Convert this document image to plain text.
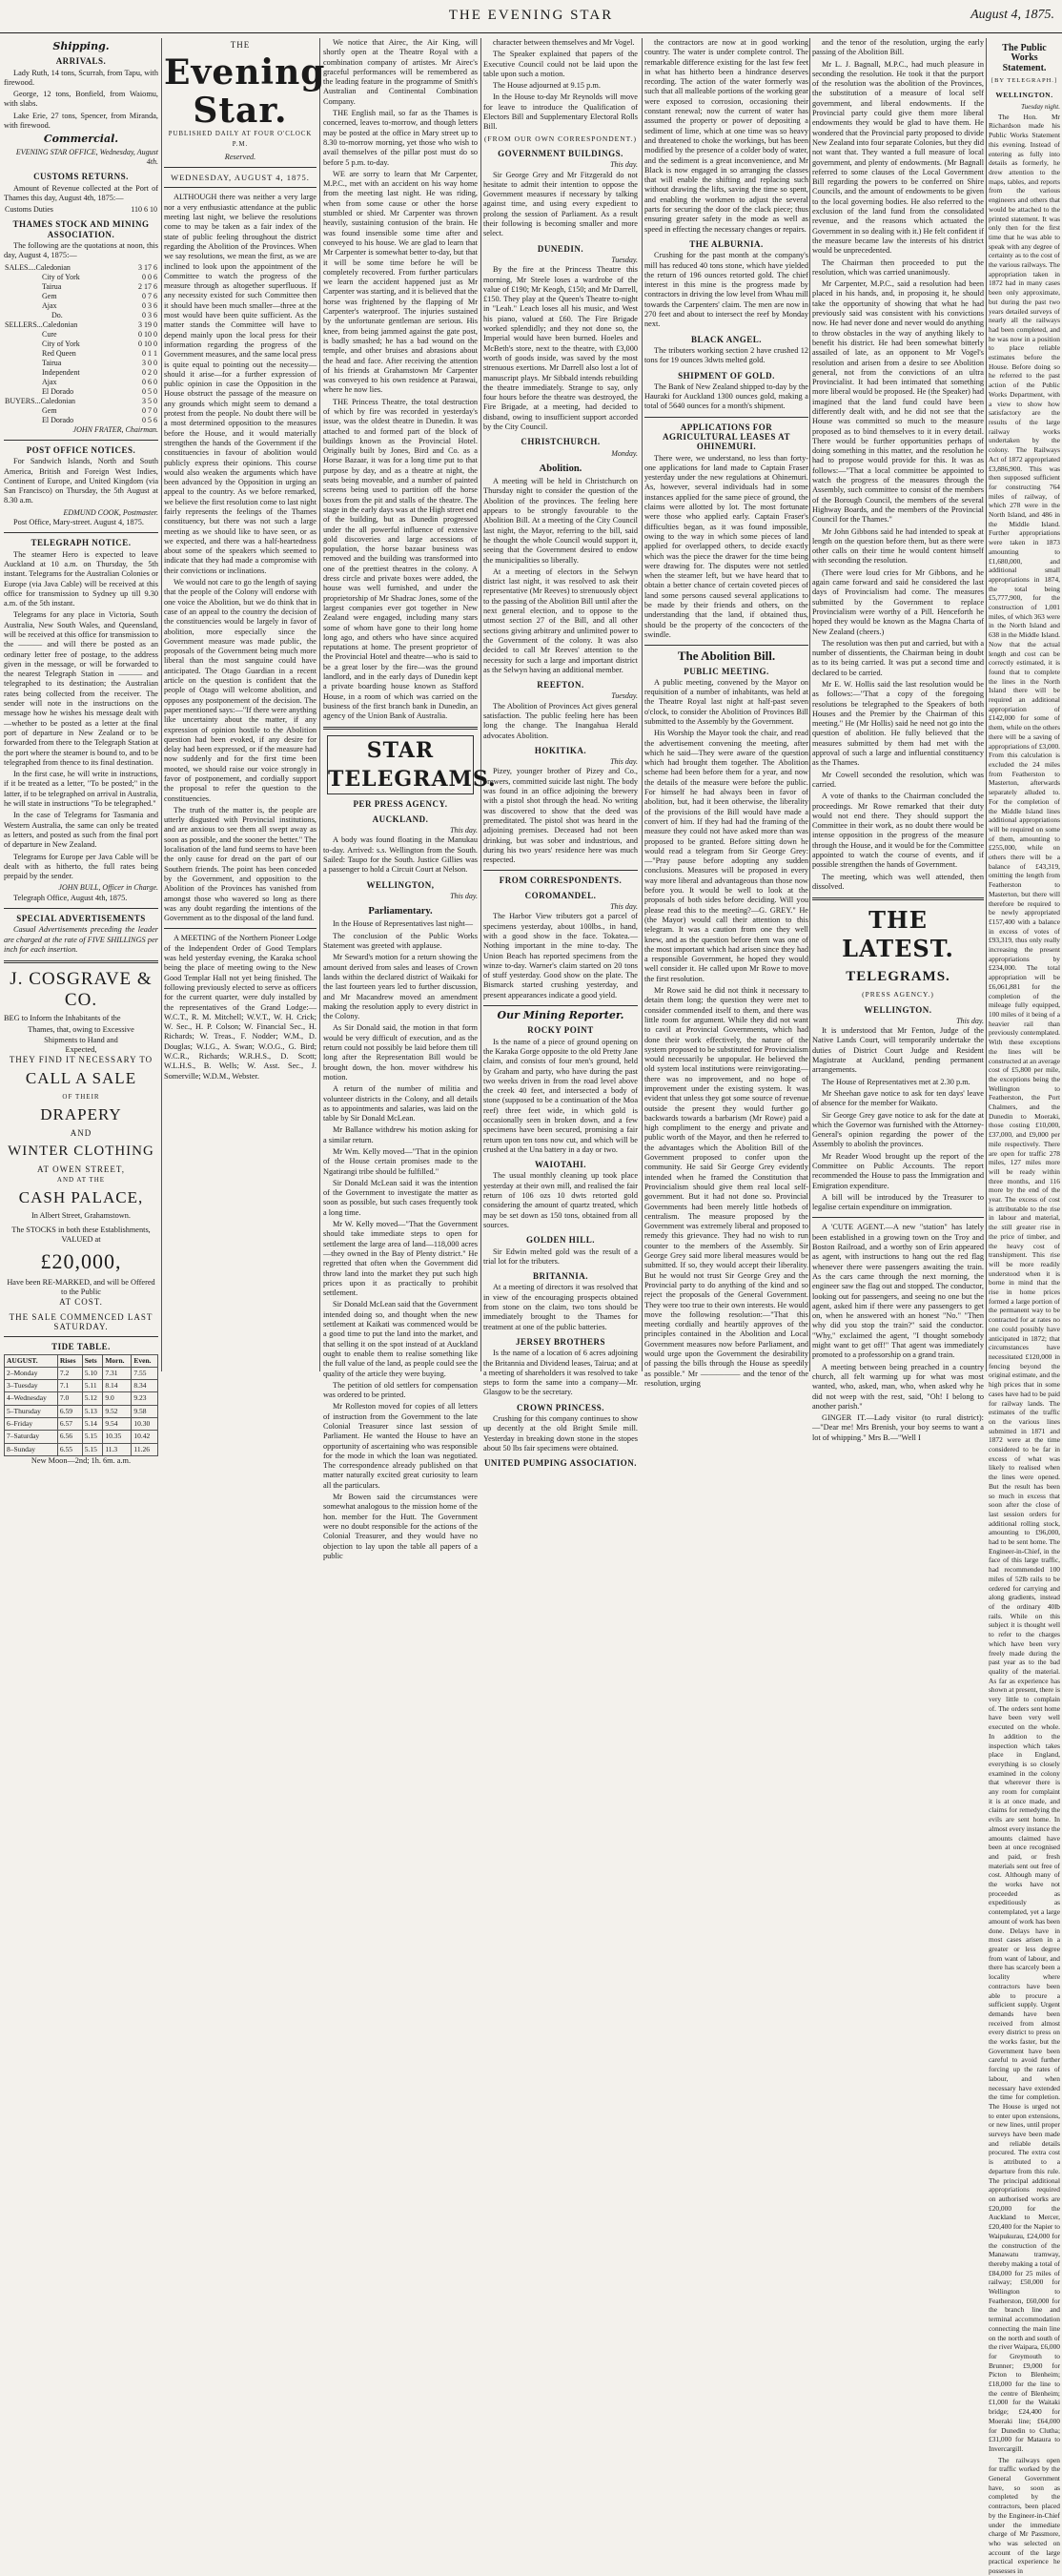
THE EVENING STAR	August 4, 1875.
Shipping.
ARRIVALS.

Lady Ruth, 14 tons, Scurrah, from Tapu, with firewood.

George, 12 tons, Bonfield, from Waiomu, with slabs.

Lake Erie, 27 tons, Spencer, from Miranda, with firewood.

Commercial.
EVENING STAR OFFICE, Wednesday, August 4th.
CUSTOMS RETURNS.

Amount of Revenue collected at the Port of Thames this day, August 4th, 1875:—

Customs Duties	110 6 10
THAMES STOCK AND MINING ASSOCIATION.

The following are the quotations at noon, this day, August 4, 1875:—

SALES....Caledonian	3 17 6
City of York	0 0 6
Tairua	2 17 6
Gem	0 7 6
Ajax	0 3 6
Do.	0 3 6
SELLERS...Caledonian	3 19 0
Cure	0 10 0
City of York	0 10 0
Red Queen	0 1 1
Tairua	3 0 0
Independent	0 2 0
Ajax	0 6 0
El Dorado	0 5 0
BUYERS...Caledonian	3 5 0
Gem	0 7 0
El Dorado	0 5 6
JOHN FRATER, Chairman.
POST OFFICE NOTICES.

For Sandwich Islands, North and South America, British and Foreign West Indies, Continent of Europe, and United Kingdom (via San Francisco) on Thursday, the 5th August at 8.30 a.m.

EDMUND COOK, Postmaster.

Post Office, Mary-street. August 4, 1875.

TELEGRAPH NOTICE.

The steamer Hero is expected to leave Auckland at 10 a.m. on Thursday, the 5th instant. Telegrams for the Australian Colonies or Europe (via Java Cable) will be received at this office for transmission to Sydney up till 9.30 a.m. of the 5th instant.

Telegrams for any place in Victoria, South Australia, New South Wales, and Queensland, will be received at this office for transmission to the ——— and will there be posted as an ordinary letter free of postage, to the address given in the message, or will be forwarded to the nearest Telegraph Station in ——— and telegraphed to its destination; the Australian rates being collected from the receiver. The sender will note in the instructions on the message how he wishes his message dealt with—whether to be posted as a letter at the final port of departure in New Zealand or to be forwarded from there to the Telegraph Station at the port where the steamer is bound to, and to be telegraphed from thence to its final destination.

In the first case, he will write in instructions, if it be treated as a letter, "To be posted;" in the latter, if to be telegraphed on arrival in Australia, he will state in instructions "To be telegraphed."

In the case of Telegrams for Tasmania and Western Australia, the same can only be treated as letters, and posted as such from the final port of departure in New Zealand.

Telegrams for Europe per Java Cable will be dealt with as hitherto, the full rates being prepaid by the sender.

JOHN BULL, Officer in Charge.

Telegraph Office, August 4th, 1875.

SPECIAL ADVERTISEMENTS

Casual Advertisements preceding the leader are charged at the rate of FIVE SHILLINGS per inch for each insertion.

J. COSGRAVE & CO.

BEG to Inform the Inhabitants of the

Thames, that, owing to Excessive
Shipments to Hand and
Expected,
THEY FIND IT NECESSARY TO
CALL A SALE
OF THEIR
DRAPERY
AND
WINTER CLOTHING
AT OWEN STREET,
AND AT THE
CASH PALACE,
In Albert Street, Grahamstown.
The STOCKS in both these Establishments, VALUED at
£20,000,
Have been RE-MARKED, and will be Offered to the Public
AT COST.
THE SALE COMMENCED LAST SATURDAY.
TIDE TABLE.
AUGUST.	Rises	Sets	Morn.	Even.
2–Monday	7.2	5.10	7.31	7.55
3–Tuesday	7.1	5.11	8.14	8.34
4–Wednesday	7.0	5.12	9.0	9.23
5–Thursday	6.59	5.13	9.52	9.58
6–Friday	6.57	5.14	9.54	10.30
7–Saturday	6.56	5.15	10.35	10.42
8–Sunday	6.55	5.15	11.3	11.26
New Moon—2nd; 1h. 6m. a.m.
THE
Evening Star.
PUBLISHED DAILY AT FOUR O'CLOCK P.M.
Reserved.
WEDNESDAY, AUGUST 4, 1875.

ALTHOUGH there was neither a very large nor a very enthusiastic attendance at the public meeting last night, we believe the resolutions come to may be taken as a fair index of the state of public feeling throughout the district regarding the Abolition of the Provinces. When we say resolutions, we mean the first, as we are inclined to look upon the appointment of the Committee to watch the progress of the measure through as altogether superfluous. If any necessity existed for such Committee then it should have been much smaller—three at the most would have been quite sufficient. As the matter stands the Committee will have to depend mainly upon the local press for their information regarding the progress of the Government measures, and the same local press is quite equal to pointing out the necessity—should it arise—for a further expression of public opinion in case the Opposition in the House obstruct the passage of the measure on any grounds which might seem to demand a protest from the people. No doubt there will be a most determined opposition to the measures before the House, and it would materially strengthen the hands of the Government if the constituencies in favour of abolition would publicly express their opinions. This course would also weaken the arguments which have been advanced by the Opposition in urging an appeal to the country. As we before remarked, we believe the first resolution come to last night fairly represents the feelings of the Thames constituency, but there was not such a large meeting as we should like to have seen, or as we expected, and there was a half-heartedness about some of the speakers which seemed to indicate that they had made a compromise with their convictions or inclinations.

We would not care to go the length of saying that the people of the Colony will endorse with one voice the Abolition, but we do think that in case of an appeal to the country the decision of the constituencies would be largely in favor of abolition, more especially since the Government measure was made public, the proposals of the Government being much more liberal than the most sanguine could have anticipated. The Otago Guardian in a recent article on the question is confident that the people of Otago will welcome abolition, and opposes any postponement of the decision. The paper mentioned says:—"If there were anything like uncertainty about the matter, if any expression of opinion hostile to the Abolition question had been evoked, if any desire for delay had been expressed, or if the measure had now suddenly and for the first time been mooted, we should raise our voice strongly in favor of postponement, and cordially support the proposal to refer the question to the constituencies.

The truth of the matter is, the people are utterly disgusted with Provincial institutions, and are anxious to see them all swept away as soon as possible, and the sooner the better." The localisation of the land fund seems to have been the only cause for dread on the part of our Southern friends. The point has been conceded by the Government, and opposition to the Abolition of the Provinces has vanished from amongst those who wavered so long as there was any doubt regarding the intentions of the Government as to the disposal of the land fund.

A MEETING of the Northern Pioneer Lodge of the Independent Order of Good Templars was held yesterday evening, the Karaka school being the place of meeting owing to the New Good Templar Hall not yet being finished. The following previously elected to serve as officers for the current quarter, were duly installed by the representatives of the Grand Lodge:—W.C.T., R. M. Mitchell; W.V.T., W. H. Crick; W. Sec., H. P. Colson; W. Financial Sec., H. Richards; W. Treas., F. Nodder; W.M., D. Douglas; W.I.G., A. Swan; W.O.G., G. Bird; W.C.R., Richards; W.R.H.S., D. Scott; W.L.H.S., B. Wells; W. Asst. Sec., J. Somerville; W.D.M., Webster.

We notice that Airec, the Air King, will shortly open at the Theatre Royal with a combination company of artistes. Mr Airec's graceful performances will be remembered as the leading feature in the programme of Smith's Australian and Continental Combination Company.

THE English mail, so far as the Thames is concerned, leaves to-morrow, and though letters may be posted at the office in Mary street up to 8.30 to-morrow morning, yet those who wish to avail themselves of the pillar post must do so before 5 p.m. to-day.

WE are sorry to learn that Mr Carpenter, M.P.C., met with an accident on his way home from the meeting last night. He was riding, when from some cause or other the horse stumbled or shied. Mr Carpenter was thrown heavily, sustaining contusion of the brain. He was found insensible some time after and conveyed to his house. We are glad to learn that Mr Carpenter is somewhat better to-day, but that it will be some time before he will be completely recovered. From further particulars we learn the accident happened just as Mr Carpenter was starting, and it is believed that the horse was frightened by the flapping of Mr Carpenter's waterproof. The injuries sustained by the unfortunate gentleman are serious. His knee, from being jammed against the gate post, is badly smashed; he has a bad wound on the temple, and other bruises and abrasions about the head and face. After receiving the attention of his friends at Grahamstown Mr Carpenter was conveyed to his own residence at Parawai, where he now lies.

THE Princess Theatre, the total destruction of which by fire was recorded in yesterday's issue, was the oldest theatre in Dunedin. It was attached to and formed part of the block of buildings known as the Provincial Hotel. Originally built by Jones, Bird and Co. as a Horse Bazaar, it was for a long time put to that purpose by day, and as a theatre at night, the seats being moveable, and a number of painted screens being used to partition off the horse boxes from the pit and stalls of the theatre. The stage in the early days was at the High street end of the building, but as Dunedin progressed under the all powerful influence of extensive gold discoveries and large accessions of population, the horse bazaar business was removed and the building was transformed into one of the prettiest theatres in the colony. A dress circle and private boxes were added, the house was well furnished, and under the proprietorship of Mr Shadrac Jones, some of the largest companies ever got together in New Zealand were engaged, including many stars some of whom have gone to their long home long ago, and others who have since acquired reputations at home. The present proprietor of the Provincial Hotel and theatre—who is said to be a great loser by the fire—was the ground landlord, and in the early days of Dunedin kept a private boarding house known as Stafford House, in a room of which was carried on the business of the first branch bank in Dunedin, an agency of the Union Bank of Australia.

STAR TELEGRAMS.
PER PRESS AGENCY.
AUCKLAND.
This day.

A body was found floating in the Manukau to-day. Arrived: s.s. Wellington from the South. Sailed: Taupo for the South. Justice Gillies was a passenger to hold a Circuit Court at Nelson.

WELLINGTON,
This day.
Parliamentary.

In the House of Representatives last night—

The conclusion of the Public Works Statement was greeted with applause.

Mr Seward's motion for a return showing the amount derived from sales and leases of Crown lands within the declared district of Waikaki for the last fourteen years led to further discussion, and Mr Macandrew moved an amendment making the resolution apply to every district in the Colony.

As Sir Donald said, the motion in that form would be very difficult of execution, and as the return could not possibly be laid before them till long after the Representation Bill would be brought down, the hon. mover withdrew his motion.

A return of the number of militia and volunteer districts in the Colony, and all details as to appointments and salaries, was laid on the table by Sir Donald McLean.

Mr Ballance withdrew his motion asking for a similar return.

Mr Wm. Kelly moved—"That in the opinion of the House certain promises made to the Ngatirangi tribe should be fulfilled."

Sir Donald McLean said it was the intention of the Government to investigate the matter as soon as possible, but such cases frequently took a long time.

Mr W. Kelly moved—"That the Government should take immediate steps to open for settlement the large area of land—118,000 acres—they owned in the Bay of Plenty district." He regretted that often when the Government did throw land into the market they put such high prices upon it as practically to prohibit settlement.

Sir Donald McLean said that the Government intended doing so, and thought when the new settlement at Kaikati was commenced would be a good time to put the land into the market, and that selling it on the spot instead of at Auckland ought to enable them to realise something like the full value of the land, as people could see the quality of the article they were buying.

The petition of old settlers for compensation was ordered to be printed.

Mr Rolleston moved for copies of all letters of instruction from the Government to the late Colonial Treasurer since last session of Parliament. He wanted the House to have an opportunity of ascertaining who was responsible for the mode in which the loan was negotiated. The correspondence already published on that matter naturally excited great curiosity to learn all the particulars.

Mr Bowen said the circumstances were somewhat analogous to the mission home of the hon. member for the Hutt. The Government were no doubt responsible for the actions of the Colonial Treasurer, and they would have no objection to lay upon the table all papers of a public

character between themselves and Mr Vogel.

The Speaker explained that papers of the Executive Council could not be laid upon the table upon such a motion.

The House adjourned at 9.15 p.m.

In the House to-day Mr Reynolds will move for leave to introduce the Qualification of Electors Bill and Supplementary Electoral Rolls Bill.

(FROM OUR OWN CORRESPONDENT.)
GOVERNMENT BUILDINGS.
This day.

Sir George Grey and Mr Fitzgerald do not hesitate to admit their intention to oppose the Government measures if necessary by talking against time, and using every expedient to prolong the session of Parliament. As a result their following is becoming smaller and more select.

DUNEDIN.
Tuesday.

By the fire at the Princess Theatre this morning, Mr Steele loses a wardrobe of the value of £190; Mr Keogh, £150; and Mr Darrell, £150. They play at the Queen's Theatre to-night in "Leah." Leach loses all his music, and West his piano, valued at £60. The Fire Brigade worked splendidly; and they not done so, the Imperial would have been burned. Hoeles and McBeth's store, next to the theatre, with £3,000 worth of goods inside, was saved by the most strenuous exertions. Mr Darrell also lost a lot of manuscript plays. Mr Sibbald intends rebuilding the theatre immediately. Strange to say, only four hours before the theatre was destroyed, the Fire Brigade, at a meeting, had decided to disband, owing to insufficient support accorded by the City Council.

CHRISTCHURCH.
Monday.
Abolition.

A meeting will be held in Christchurch on Thursday night to consider the question of the Abolition of the provinces. The feeling here appears to be strongly favourable to the Abolition Bill. At a meeting of the City Council last night, the Mayor, referring to the bill, said he thought the whole Council would support it, seeing that the Government desired to endow the municipalities so liberally.

At a meeting of electors in the Selwyn district last night, it was resolved to ask their representative (Mr Reeves) to strenuously object to the passing of the Abolition Bill until after the next general election, and to oppose to the utmost section 27 of the Bill, and all other sections giving arbitrary and unlimited power to the Government of the colony. It was also decided to call Mr Reeves' attention to the necessity for such a large and important district as the Selwyn having an additional member.

REEFTON.
Tuesday.

The Abolition of Provinces Act gives general satisfaction. The public feeling here has been long the change. The Inangahua Herald advocates Abolition.

HOKITIKA.
This day.

Pizey, younger brother of Pizey and Co., brewers, committed suicide last night. The body was found in an office adjoining the brewery with a pistol shot through the head. No writing was discovered to show that the deed was premeditated. The pistol shot was heard in the adjoining premises. Deceased had not been drinking, but was sober and industrious, and during his two years' residence here was much respected.

FROM CORRESPONDENTS.
COROMANDEL.
This day.

The Harbor View tributers got a parcel of specimens yesterday, about 100lbs., in hand, with a good show in the face. Tokatea.—Nothing important in the mine to-day. The Union Beach has reported specimens from the winze to-day. Warner's claim started on 20 tons of stuff yesterday. Good show on the plate. The Bismarck started crushing yesterday, and present appearances indicate a good yield.

Our Mining Reporter.
ROCKY POINT

Is the name of a piece of ground opening on the Karaka Gorge opposite to the old Pretty Jane claim, and consists of four men's ground, held by Graham and party, who have during the past two weeks driven in from the road level above the creek 40 feet, and intersected a body of stone (supposed to be a continuation of the Moa reef) three feet wide, in which gold is occasionally seen in broken down, and a few specimens have been secured, promising a fair return upon ten tons now cut, and which will be crushed at the Una battery in a day or two.

WAIOTAHI.

The usual monthly cleaning up took place yesterday at their own mill, and realised the fair return of 106 ozs 10 dwts retorted gold considering the amount of quartz treated, which may be set down as 150 tons, obtained from all sources.

GOLDEN HILL.

Sir Edwin melted gold was the result of a trial lot for the tributers.

BRITANNIA.

At a meeting of directors it was resolved that in view of the encouraging prospects obtained from stone on the claim, two tons should be immediately brought to the Thames for treatment at one of the public batteries.

JERSEY BROTHERS

Is the name of a location of 6 acres adjoining the Britannia and Dividend leases, Tairua; and at a meeting of shareholders it was resolved to take steps to form the same into a company—Mr. Glasgow to be the secretary.

CROWN PRINCESS.

Crushing for this company continues to show up decently at the old Bright Smile mill. Yesterday in breaking down stone in the stopes about 50 lbs fair specimens were obtained.

UNITED PUMPING ASSOCIATION.

the contractors are now at in good working country. The water is under complete control. The remarkable difference existing for the last few feet in what has hitherto been a hindrance deserves recording. The action of the water formerly was such that all malleable portions of the working gear were exposed to corrosion, occasioning their constant renewal; now the current of water has assumed the property or power of depositing a sediment of lime, which at one time was so heavy and threatened to choke the workings, but has been modified by the presence of a colder body of water, and the sediment is a great inconvenience, and Mr Black is now engaged in so arranging the classes that will enable the shifting and replacing such without drawing the lifts, saving the time so spent, and enabling the workmen to adjust the several parts for securing the door of the clack piece; thus ensuring greater safety in the mode as well as speed in effecting the necessary changes or repairs.

THE ALBURNIA.

Crushing for the past month at the company's mill has reduced 40 tons stone, which have yielded the return of 196 ounces retorted gold. The chief interest in this mine is the progress made by contractors in driving the low level from Whau mill towards the Carpenters' claim. The men are now in 270 feet and about to intersect the reef by Monday next.

BLACK ANGEL.

The tributers working section 2 have crushed 12 tons for 19 ounces 3dwts melted gold.

SHIPMENT OF GOLD.

The Bank of New Zealand shipped to-day by the Hauraki for Auckland 1300 ounces gold, making a total of 5640 ounces for a month's shipment.

APPLICATIONS FOR AGRICULTURAL LEASES AT OHINEMURI.

There were, we understand, no less than forty-one applications for land made to Captain Fraser yesterday under the new regulations at Ohinemuri. As, however, several individuals had in some instances applied for the same piece of ground, the claims were allotted by lot. The most fortunate were those who applied early. Captain Fraser's difficulties began, as it was found impossible, owing to the way in which some pieces of land applied for overlapped others, to decide exactly which was the piece the drawer for the time being were drawing for. The disputes were not settled when the steamer left, but we have heard that to obtain a better chance of certain coveted pieces of land some persons caused several applications to be made by their friends and others, on the understanding that the land, if obtained thus, should be the property of the concocters of the swindle.

The Abolition Bill.
PUBLIC MEETING.

A public meeting, convened by the Mayor on requisition of a number of inhabitants, was held at the Theatre Royal last night at half-past seven o'clock, to consider the Abolition of Provinces Bill submitted to the Assembly by the Government.

His Worship the Mayor took the chair, and read the advertisement convening the meeting, after which he said—They were aware of the question which had brought them together. The Abolition scheme had been before them for a year, and now the details of the measure were before the public. For himself he had always been in favor of abolition, but, had it been otherwise, the liberality of the provisions of the Bill would have made a convert of him. If they had had the framing of the measure they could not have asked more than was proposed to be granted. Before sitting down he would read a telegram from Sir George Grey:—"Pray pause before adopting any sudden conclusions. Measures will be proposed in every way more liberal and advantageous than those now before you. It would be well to look at the proposals of both sides before deciding. Will you please read this to the meeting?—G. GREY." He (the Mayor) would call their attention to this telegram. It was a caution from one they well knew, and as the question before them was one of the most important which had arisen since they had a responsible Government, he hoped they would well consider it. He called upon Mr Rowe to move the first resolution.

Mr Rowe said he did not think it necessary to detain them long; the question they were met to consider commended itself to them, and there was little room for argument. While they did not want to cavil at Provincial Governments, which had done their work effectively, the nature of the system proposed to be substituted for Provincialism would necessarily be unpopular. He believed the old system local institutions were reinvigorating—there was no improvement, and no hope of improvement under the existing system. It was evident that unless they got some source of revenue outside the present they would further go backwards towards a barbarism (Mr Rowe) paid a high compliment to the energy and private and public worth of the Mayor, and then he referred to the advantages which the Abolition Bill of the Government proposed to confer upon the community. He said Sir George Grey evidently intended when he framed the Constitution that Provincialism should give them real local self-government. But it had not done so. Provincial Governments had been merely little hotbeds of centralism. The measure proposed by the Government was extremely liberal and proposed to remedy this grievance. They had no wish to run counter to the members of the Assembly. Sir George Grey said more liberal measures would be submitted. If so, they would accept their liberality. But he would not trust Sir George Grey and the Provincial party to do anything of the kind and so reject the proposals of the General Government. They were too true to their own interests. He would move the following resolution:—"That this meeting cordially and heartily approves of the principles contained in the Abolition and Local Government measures now before Parliament, and would urge upon the Government the desirability of passing the bills through the House as speedily as possible." Mr ————— and the tenor of the resolution, urging

and the tenor of the resolution, urging the early passing of the Abolition Bill.

Mr L. J. Bagnall, M.P.C., had much pleasure in seconding the resolution. He took it that the purport of the resolution was the abolition of the Provinces, the substitution of a measure of local self government, and liberal endowments. If the Provincial party could give them more liberal endowments they would be glad to have them. He wondered that the Provincial party proposed to divide New Zealand into four separate Colonies, but they did not want that. They wanted a full measure of local government, and plenty of endowments. (Mr Bagnall referred to some clauses of the Local Government Bill regarding the powers to be conferred on Shire Councils, and the amount of endowments to be given to the local governing bodies. He also referred to the exclusion of the land fund from the consolidated revenue, and the reasons which actuated the Government in so dealing with it.) He felt confident if the measure became law the interests of his district would be unprecedented.

The Chairman then proceeded to put the resolution, which was carried unanimously.

Mr Carpenter, M.P.C., said a resolution had been placed in his hands, and, in proposing it, he should take the opportunity of showing that what he had previously said was consistent with his convictions now. He had never done and never would do anything to throw obstacles in the way of anything likely to benefit his district. He had been somewhat bitterly assailed of late, as an opponent to Mr Vogel's resolution and arisen from a desire to see Abolition general, not from the convictions of an ultra Provincialist. It had been intimated that something more liberal would be proposed. He (the Speaker) had imagined that the land fund could have been differently dealt with, and he did not see that the House was committed so much to the measure proposed as to bind themselves to it in every detail. There would be further opportunities perhaps of doing something in this matter, and the resolution he had to propose would provide for this. It was as follows:—"That a local committee be appointed to watch the progress of the measures through the Assembly, such committee to consist of the members of the Borough Council, the members of the several Highway Boards, and the members of the Provincial Council for the Thames."

Mr John Gibbons said he had intended to speak at length on the question before them, but as there were other calls on their time he would content himself with seconding the resolution.

(There were loud cries for Mr Gibbons, and he again came forward and said he considered the last days of Provincialism had come. The measures submitted by the Government to replace Provincialism were worthy of a Pill. Henceforth he hoped they would be known as the Magna Charta of New Zealand (cheers.)

The resolution was then put and carried, but with a number of dissentients, the Chairman being in doubt as to its being carried. It was put a second time and declared to be carried.

Mr E. W. Hollis said the last resolution would be as follows:—"That a copy of the foregoing resolutions be telegraphed to the Speakers of both Houses and the Premier by the Chairman of this meeting." He (Mr Hollis) said he need not go into the question of abolition. He fully believed that the measures submitted by them had met with the approval of such a large and influential constituency as the Thames.

Mr Cowell seconded the resolution, which was carried.

A vote of thanks to the Chairman concluded the proceedings. Mr Rowe remarked that their duty would not end there. They should support the Committee in their work, as no doubt there would be intense opposition in the progress of the measure through the House, and it would be for the Committee appointed to watch the course of events, and if possible strengthen the hands of Government.

The meeting, which was well attended, then dissolved.

THE LATEST.
TELEGRAMS.
(PRESS AGENCY.)
WELLINGTON.
This day.

It is understood that Mr Fenton, Judge of the Native Lands Court, will temporarily undertake the duties of District Court Judge and Resident Magistrate at Auckland, pending permanent arrangements.

The House of Representatives met at 2.30 p.m.

Mr Sheehan gave notice to ask for ten days' leave of absence for the member for Waikato.

Sir George Grey gave notice to ask for the date at which the Governor was furnished with the Attorney-General's opinion regarding the power of the Assembly to abolish the provinces.

Mr Reader Wood brought up the report of the Committee on Public Accounts. The report recommended the House to pass the Immigration and Emigration expenditure.

A bill will be introduced by the Treasurer to legalise certain expenditure on immigration.

A 'CUTE AGENT.—A new "station" has lately been established in a growing town on the Troy and Boston Railroad, and a worthy son of Erin appeared as agent, with instructions to hang out the red flag whenever there were passengers awaiting the train. As the cars came through the next morning, the engineer saw the flag out and stopped. The conductor, looking out for passengers, and seeing no one but the agent, asked him if there were any passengers to get on, when he answered with an honest "No." "Then why did you stop the train?" said the conductor. "Why," exclaimed the agent, "I thought somebody might want to get off!" That agent was immediately promoted to a professorship on a grand train.

A meeting between being preached in a country church, all felt warming up for what was most wanted, who, asked, man, who, when asked why he did not weep with the rest, said, "Oh! I belong to another parish."

GINGER IT.—Lady visitor (to rural district):—"Dear me! Mrs Brenish, your boy seems to want a lot of whipping." Mrs B.—"Well I

The Public Works Statement.
[BY TELEGRAPH.]
WELLINGTON.
Tuesday night.

The Hon. Mr Richardson made his Public Works Statement this evening. Instead of entering as fully into details as formerly, he drew attention to the maps, tables, and reports from the various engineers and others that would be attached to the printed statement. It was only then for the first time that he was able to speak with any degree of certainty as to the cost of the various railways. The appropriation taken in 1872 had in many cases been only approximate, but during the past two years detailed surveys of nearly all the railways had been completed, and he was now in a position to place reliable estimates before the House. Before doing so he referred to the past action of the Public Works Department, with a view to show how satisfactory are the results of the large railway works undertaken by the colony. The Railways Act of 1872 appropriated £3,886,900. This was then supposed sufficient for constructing 764 miles of railway, of which 278 were in the North Island, and 486 in the Middle Island. Further appropriations were taken in 1873 amounting to £1,680,000, and additional small appropriations in 1874, the total being £5,777,900, for the construction of 1,001 miles, of which 363 were in the North Island and 638 in the Middle Island. Now that the actual length and cost can be correctly estimated, it is found that to complete the lines in the North Island there will be required an additional appropriation of £142,000 for some of them, while on the others there will be a saving of appropriations of £3,000. From this calculation is excluded the 24 miles from Featherston to Masterton, afterwards separately alluded to. For the completion of the Middle Island lines additional appropriations will be required on some of them, amounting to £255,000, while on others there will be a balance of £43,319, omitting the length from Featherston to Masterton, but there will therefore be required to be newly appropriated £157,400 with a balance in excess of votes of £93,319, thus only really increasing the present appropriations by £234,000. The total appropriation will be £6,061,881 for the completion of the mileage fully equipped, 100 miles of it being of a heavier rail than previously contemplated. With these exceptions the lines will be constructed at an average cost of £5,800 per mile, the exceptions being the Wellington to Featherston, the Port Chalmers, and the Dunedin to Moeraki, those costing £10,000, £37,000, and £9,000 per mile respectively. There are open for traffic 278 miles, 127 miles more will be ready within three months, and 116 more by the end of the year. The excess of cost is attributable to the rise in labour and material, the still greater rise in the price of timber, and the heavy cost of transhipment. This rise will be more readily understood when it is borne in mind that the rise in home prices formed a large portion of the permanent way to be contracted for at rates no one could possibly have anticipated in 1872; that circumstances have necessitated £120,000 in fencing beyond the original estimate, and the high prices that in some cases have had to be paid for railway lands. The estimates of the traffic on the various lines submitted in 1871 and 1872 were at the time considered to be far in excess of what was likely to realised when the lines were opened. But the result has been so much in excess that soon after the close of last session orders for additional rolling stock, amounting to £96,000, had to be sent home. The Engineer-in-Chief, in the face of this large traffic, had recommended 100 miles of 52lb rails to be ordered for carrying and along gradients, instead of the ordinary 40lb rails. While on this subject it is thought well to refer to the charges which have been very freely made during the past year as to the bad quality of the material. As far as experience has shown at present, there is very little to complain of. The orders sent home have been very well executed on the whole. In addition to the inspection which takes place in England, everything is so closely examined in the colony that wherever there is any room for complaint it is at once made, and claims for remedying the evils are sent home. In almost every instance the amounts claimed have been at once recognised and paid, or fresh materials sent out free of cost. Although many of the works have not proceeded as expeditiously as contemplated, yet a large amount of work has been done. Delays have in most cases arisen in a greater or less degree from want of labour, and there has scarcely been a locality where contractors have been able to procure a sufficient supply. Urgent demands have been received from almost every district to press on the works faster, but the Government have been careful to avoid further forcing up the rates of labour, and when necessary have extended the time for completion. The House is urged not to enter upon extensions, or new lines, until proper surveys have been made and reliable details procured. The extra cost is attributed to a departure from this rule. The principal additional appropriations required on authorised works are £20,000 for the Auckland to Mercer, £20,400 for the Napier to Waipukurau, £24,000 for the construction of the Manawatu tramway, thereby making a total of £84,000 for 25 miles of railway; £50,000 for Wellington to Featherston, £60,000 for the branch line and terminal accommodation connecting the main line on the north and south of the river Waipara, £6,000 for Greymouth to Brunner; £9,000 for Picton to Blenheim; £18,000 for the line to the centre of Blenheim; £1,000 for the Waitaki bridge; £24,400 for Moeraki line; £64,000 for Dunedin to Clutha; £31,000 for Mataura to Invercargill.

The railways open for traffic worked by the General Government have, so soon as completed by the contractors, been placed by the Engineer-in-Chief under the immediate charge of Mr Passmore, who was selected on account of the large practical experience he possesses in
